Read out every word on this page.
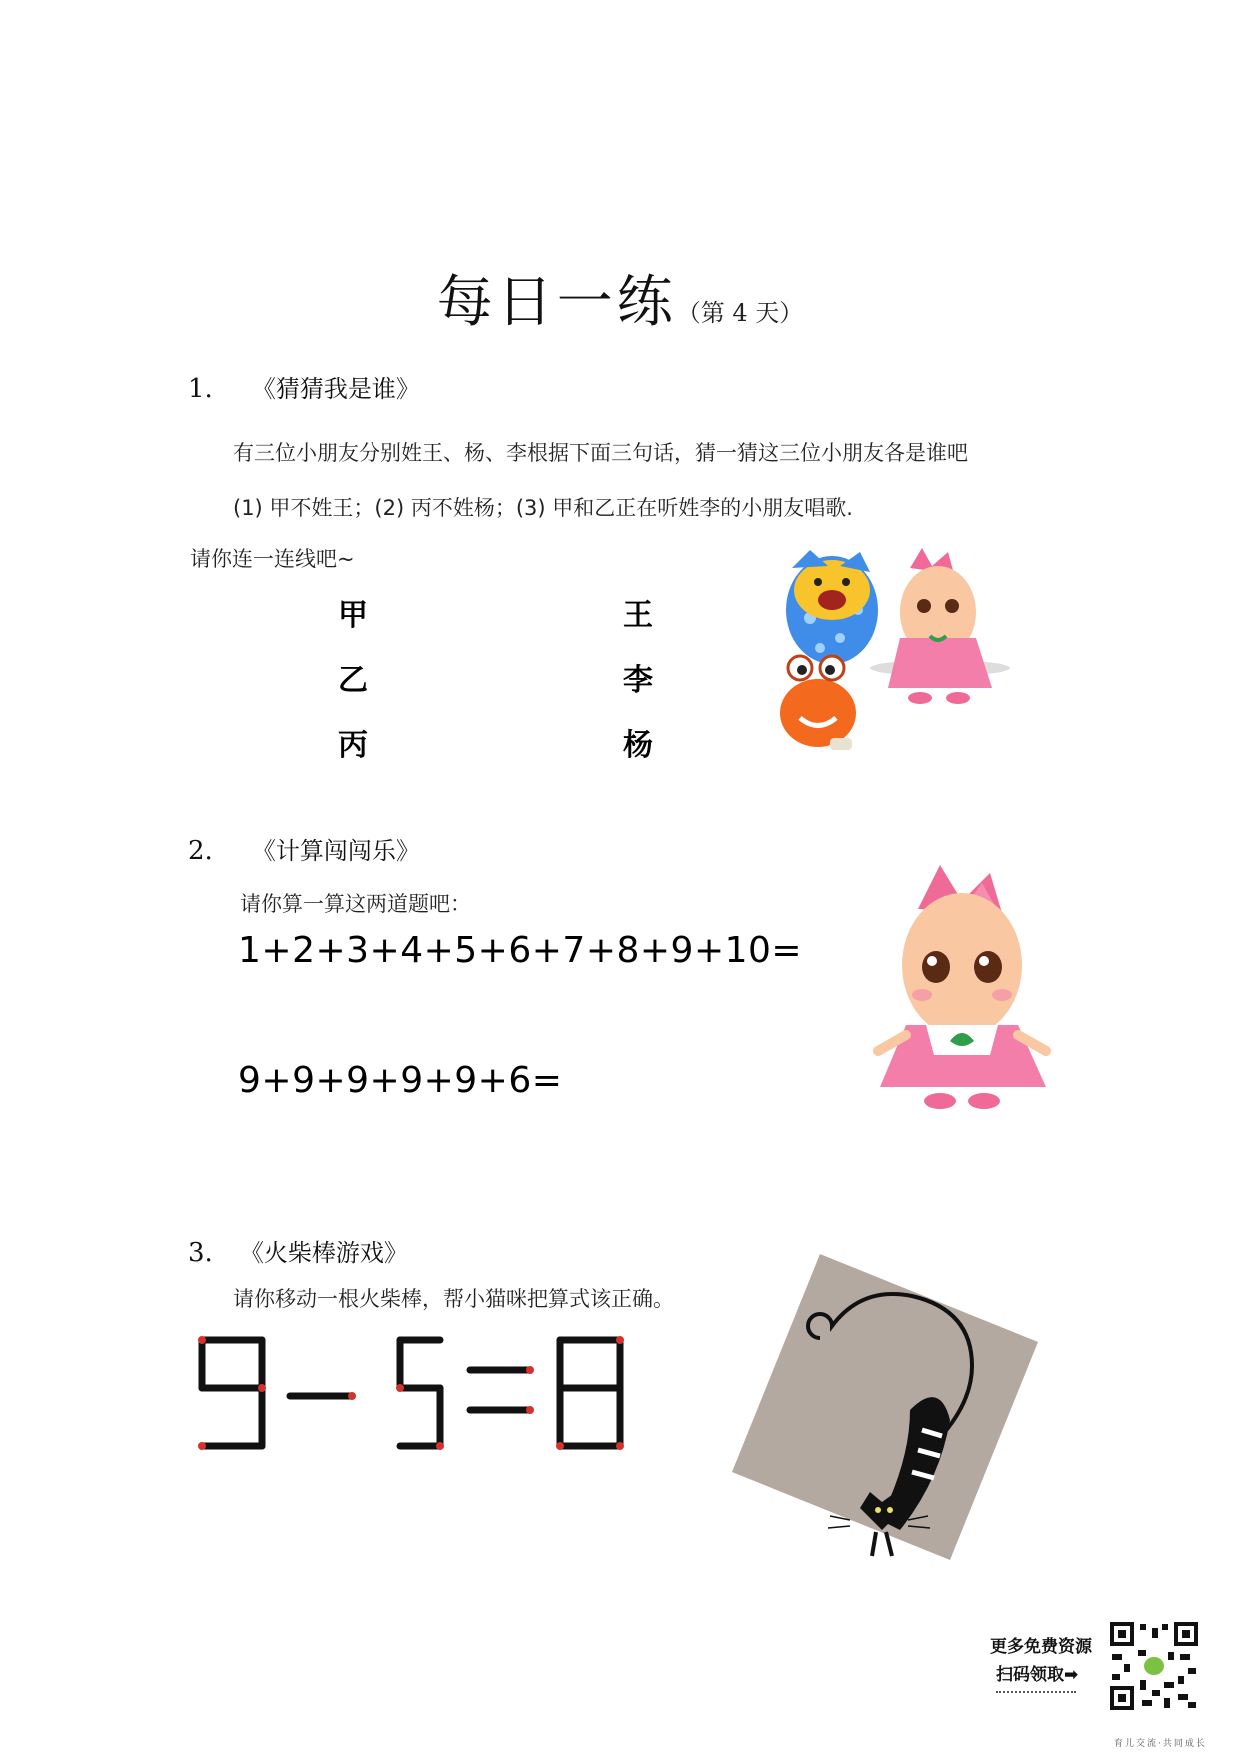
每日一练（第 4 天）
1. 《猜猜我是谁》
有三位小朋友分别姓王、杨、李根据下面三句话，猜一猜这三位小朋友各是谁吧
(1) 甲不姓王；(2) 丙不姓杨；(3) 甲和乙正在听姓李的小朋友唱歌.
请你连一连线吧~
甲
乙
丙
王
李
杨
2. 《计算闯闯乐》
请你算一算这两道题吧：
1+2+3+4+5+6+7+8+9+10=
9+9+9+9+9+6=
3. 《火柴棒游戏》
请你移动一根火柴棒，帮小猫咪把算式该正确。
更多免费资源
扫码领取➡
育儿交流·共同成长
